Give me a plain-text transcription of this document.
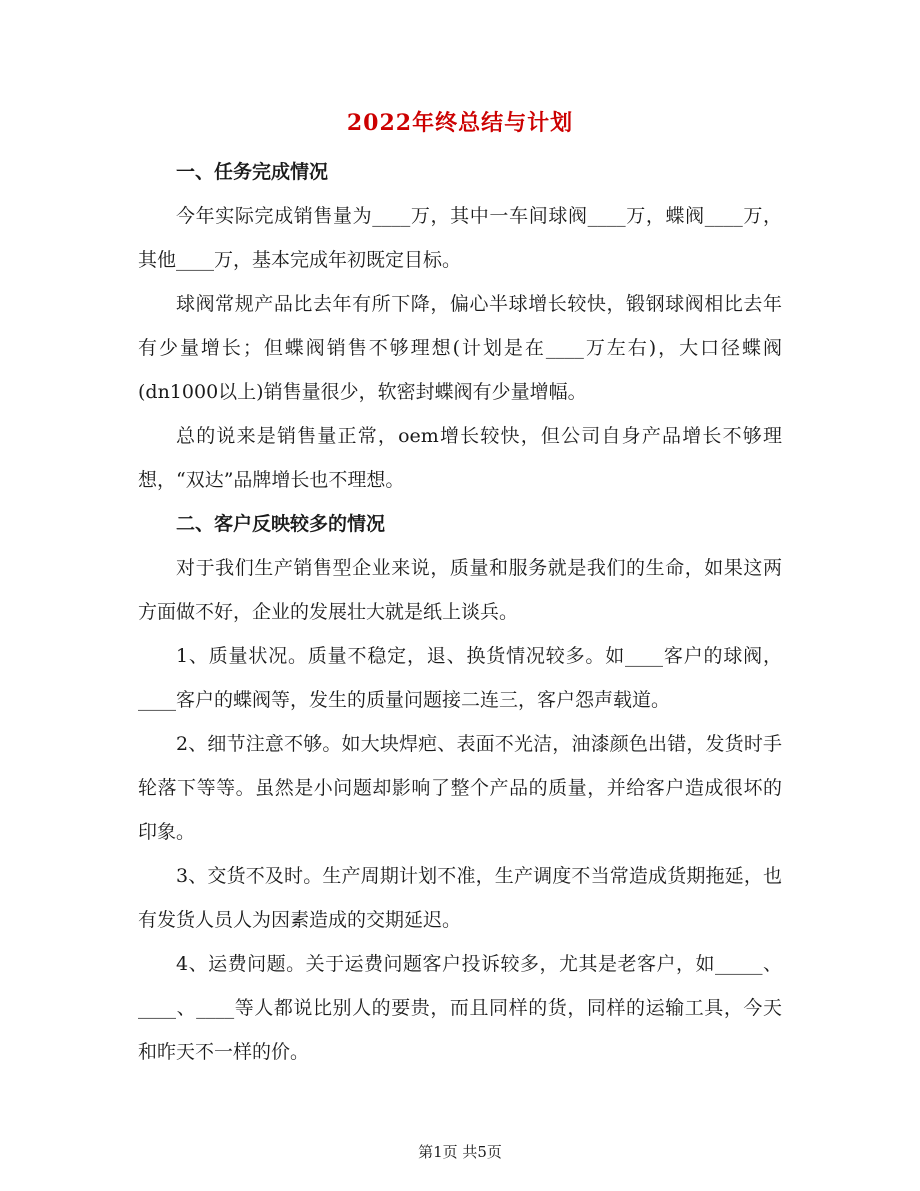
2022年终总结与计划

一、任务完成情况

今年实际完成销售量为____万，其中一车间球阀____万，蝶阀____万，其他____万，基本完成年初既定目标。

球阀常规产品比去年有所下降，偏心半球增长较快，锻钢球阀相比去年有少量增长；但蝶阀销售不够理想(计划是在____万左右)，大口径蝶阀(dn1000以上)销售量很少，软密封蝶阀有少量增幅。

总的说来是销售量正常，oem增长较快，但公司自身产品增长不够理想，“双达”品牌增长也不理想。

二、客户反映较多的情况

对于我们生产销售型企业来说，质量和服务就是我们的生命，如果这两方面做不好，企业的发展壮大就是纸上谈兵。

1、质量状况。质量不稳定，退、换货情况较多。如____客户的球阀，____客户的蝶阀等，发生的质量问题接二连三，客户怨声载道。

2、细节注意不够。如大块焊疤、表面不光洁，油漆颜色出错，发货时手轮落下等等。虽然是小问题却影响了整个产品的质量，并给客户造成很坏的印象。

3、交货不及时。生产周期计划不准，生产调度不当常造成货期拖延，也有发货人员人为因素造成的交期延迟。

4、运费问题。关于运费问题客户投诉较多，尤其是老客户，如_____、____、____等人都说比别人的要贵，而且同样的货，同样的运输工具，今天和昨天不一样的价。

第1页 共5页
